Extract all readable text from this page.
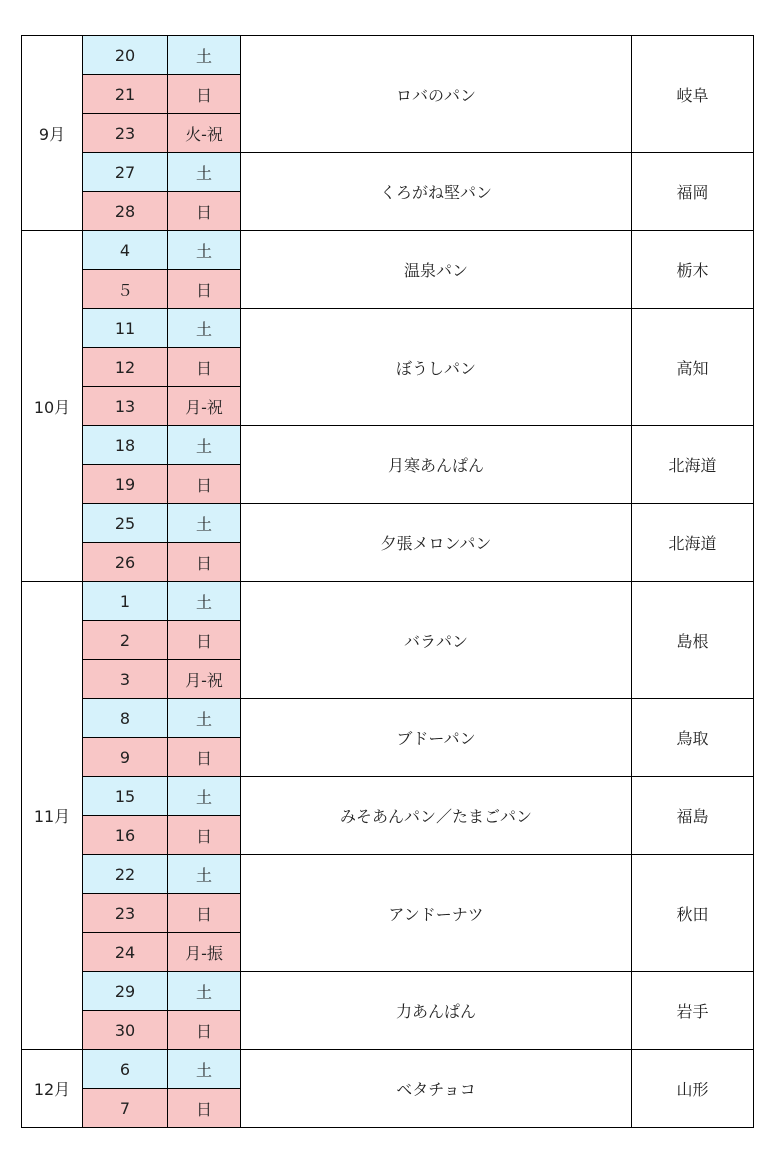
9月	20	土	ロバのパン	岐阜
	21	日		
	23	火-祝		
	27	土	くろがね堅パン	福岡
	28	日		
10月	4	土	温泉パン	栃木
	５	日		
	11	土	ぼうしパン	高知
	12	日		
	13	月-祝		
	18	土	月寒あんぱん	北海道
	19	日		
	25	土	夕張メロンパン	北海道
	26	日		
11月	1	土	バラパン	島根
	2	日		
	3	月-祝		
	8	土	ブドーパン	鳥取
	9	日		
	15	土	みそあんパン／たまごパン	福島
	16	日		
	22	土	アンドーナツ	秋田
	23	日		
	24	月-振		
	29	土	力あんぱん	岩手
	30	日		
12月	6	土	ベタチョコ	山形
	7	日		
